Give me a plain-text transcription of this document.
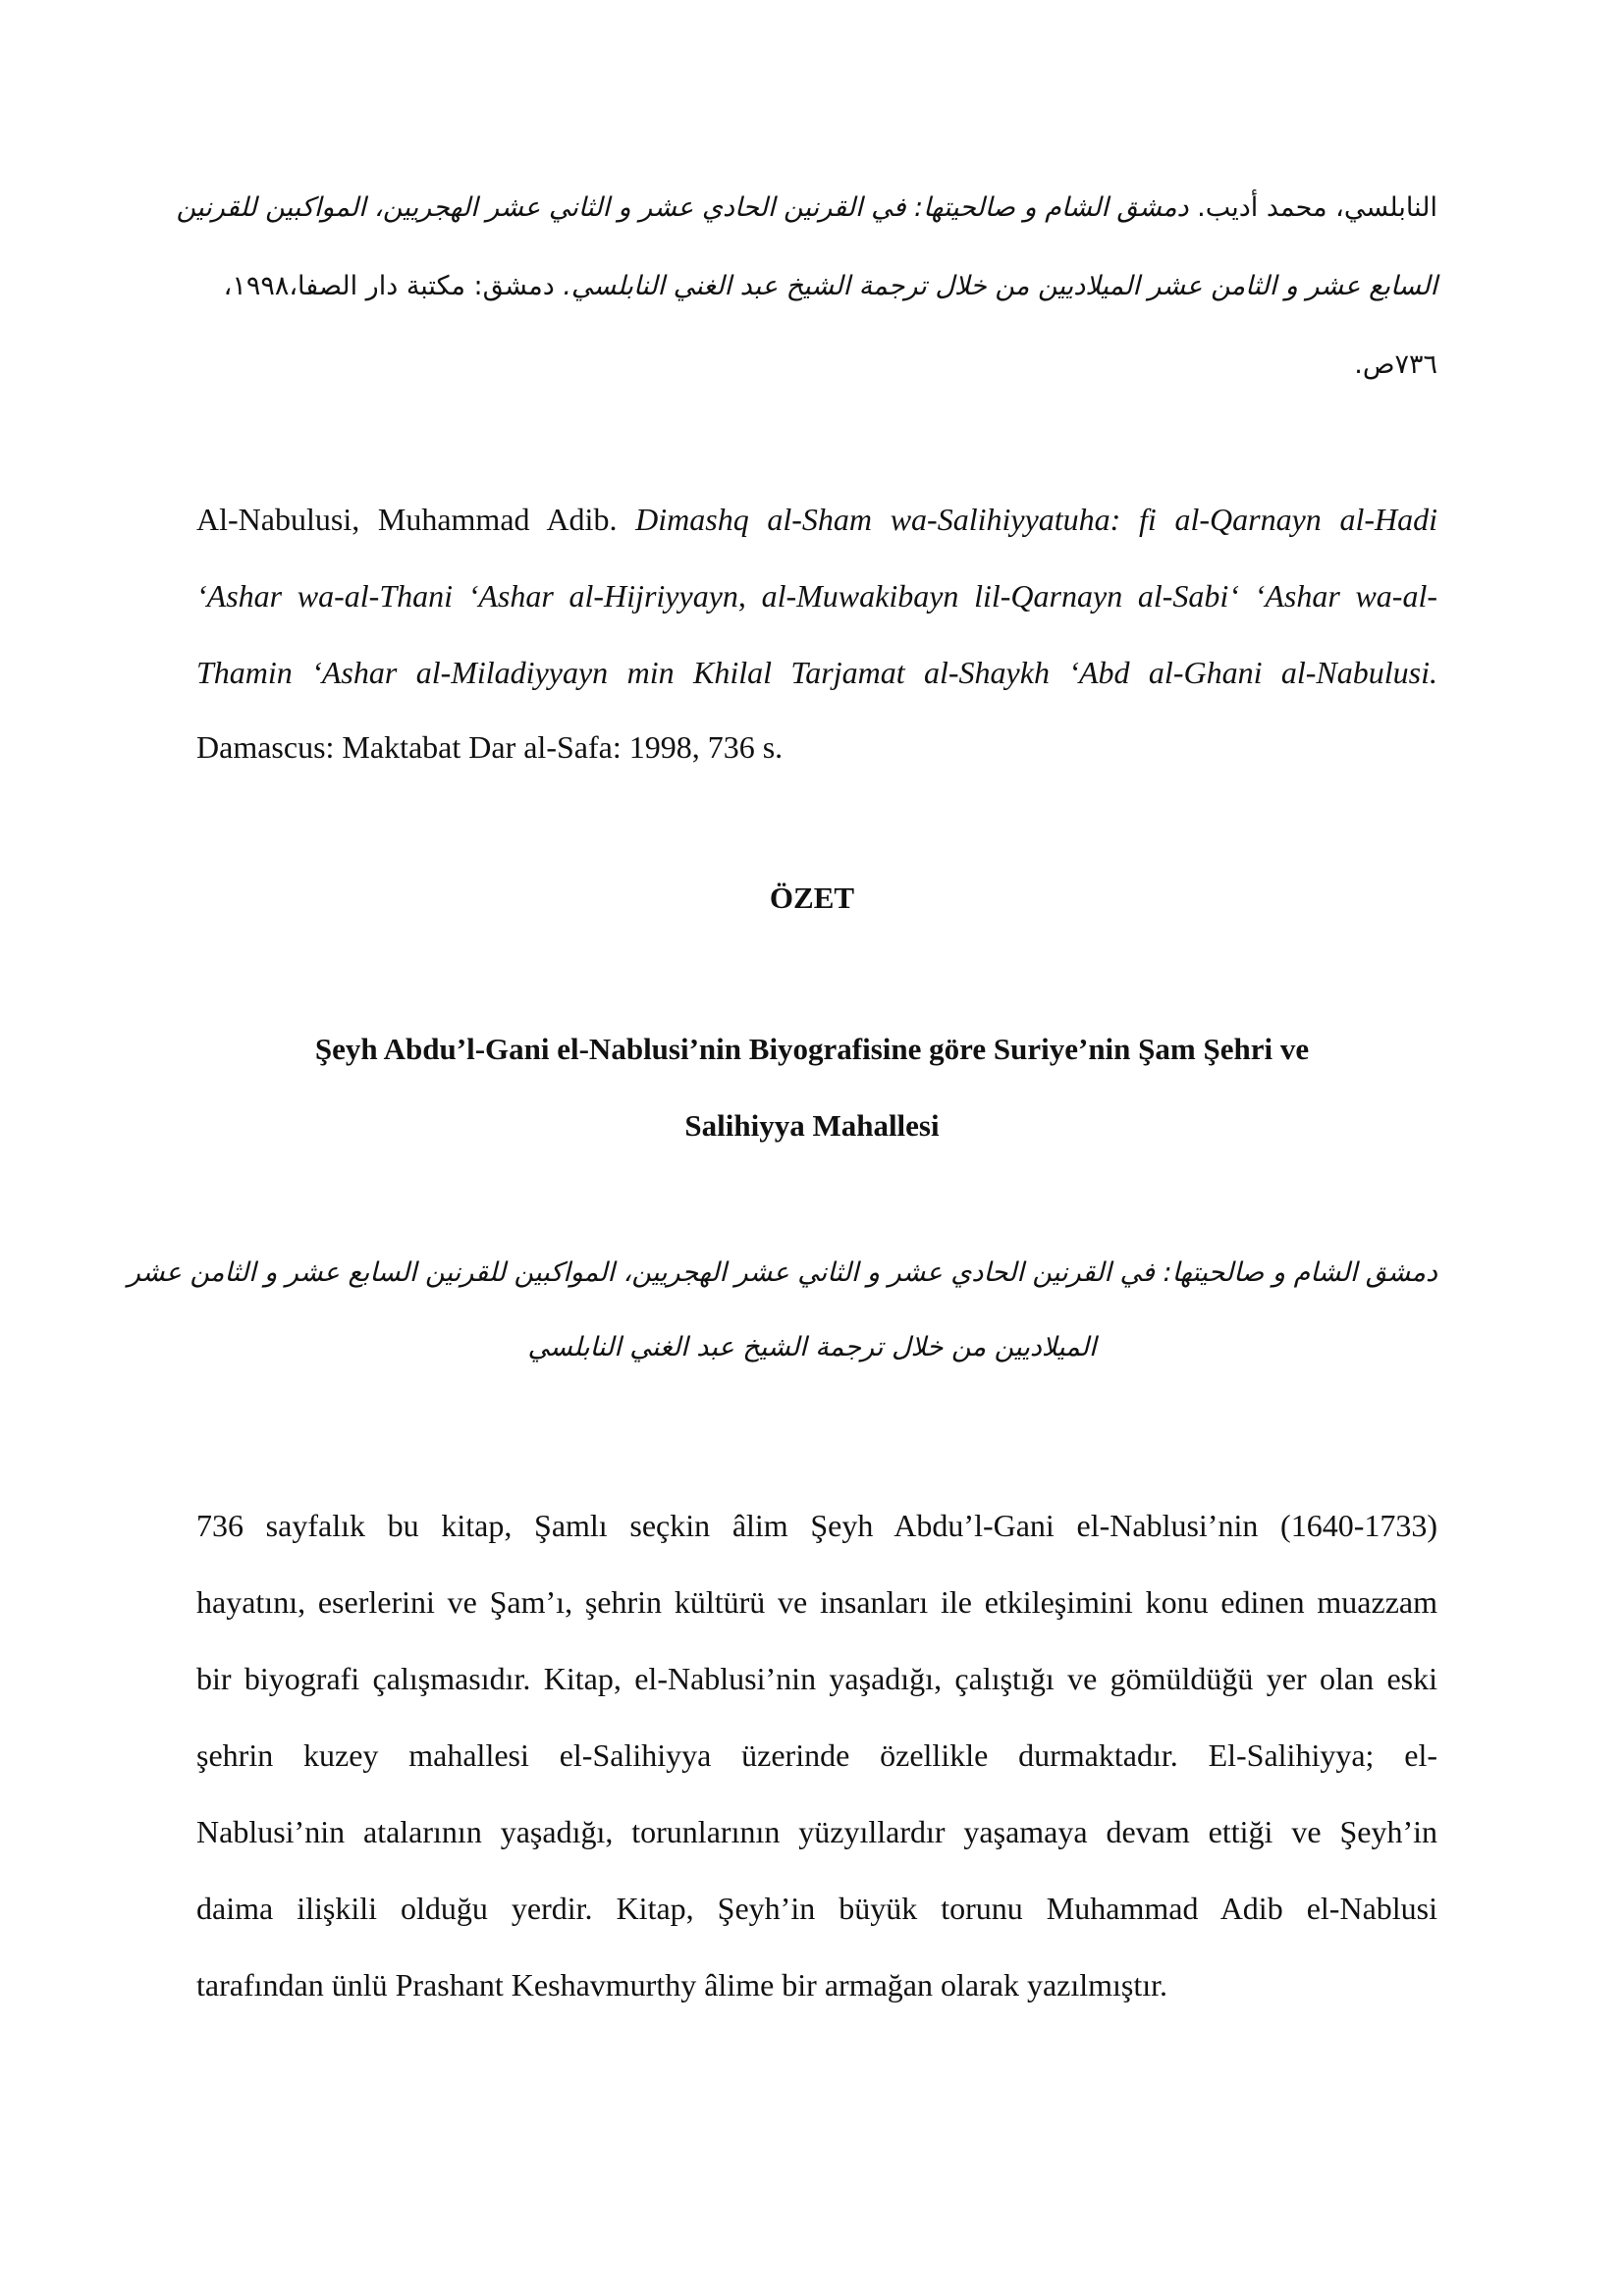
النابلسي، محمد أديب. دمشق الشام و صالحيتها: في القرنين الحادي عشر و الثاني عشر الهجريين، المواكبين للقرنين
السابع عشر و الثامن عشر الميلاديين من خلال ترجمة الشيخ عبد الغني النابلسي. دمشق: مكتبة دار الصفا،١٩٩٨،
٧٣٦ص.
Al-Nabulusi, Muhammad Adib. Dimashq al-Sham wa-Salihiyyatuha: fi al-Qarnayn al-Hadi
‘Ashar wa-al-Thani ‘Ashar al-Hijriyyayn, al-Muwakibayn lil-Qarnayn al-Sabi‘ ‘Ashar wa-al-
Thamin ‘Ashar al-Miladiyyayn min Khilal Tarjamat al-Shaykh ‘Abd al-Ghani al-Nabulusi.
Damascus: Maktabat Dar al-Safa: 1998, 736 s.
ÖZET
Şeyh Abdu’l-Gani el-Nablusi’nin Biyografisine göre Suriye’nin Şam Şehri ve
Salihiyya Mahallesi
دمشق الشام و صالحيتها: في القرنين الحادي عشر و الثاني عشر الهجريين، المواكبين للقرنين السابع عشر و الثامن عشر
الميلاديين من خلال ترجمة الشيخ عبد الغني النابلسي
736 sayfalık bu kitap, Şamlı seçkin âlim Şeyh Abdu’l-Gani el-Nablusi’nin (1640-1733)
hayatını, eserlerini ve Şam’ı, şehrin kültürü ve insanları ile etkileşimini konu edinen muazzam
bir biyografi çalışmasıdır. Kitap, el-Nablusi’nin yaşadığı, çalıştığı ve gömüldüğü yer olan eski
şehrin kuzey mahallesi el-Salihiyya üzerinde özellikle durmaktadır. El-Salihiyya; el-
Nablusi’nin atalarının yaşadığı, torunlarının yüzyıllardır yaşamaya devam ettiği ve Şeyh’in
daima ilişkili olduğu yerdir. Kitap, Şeyh’in büyük torunu Muhammad Adib el-Nablusi
tarafından ünlü Prashant Keshavmurthy âlime bir armağan olarak yazılmıştır.
